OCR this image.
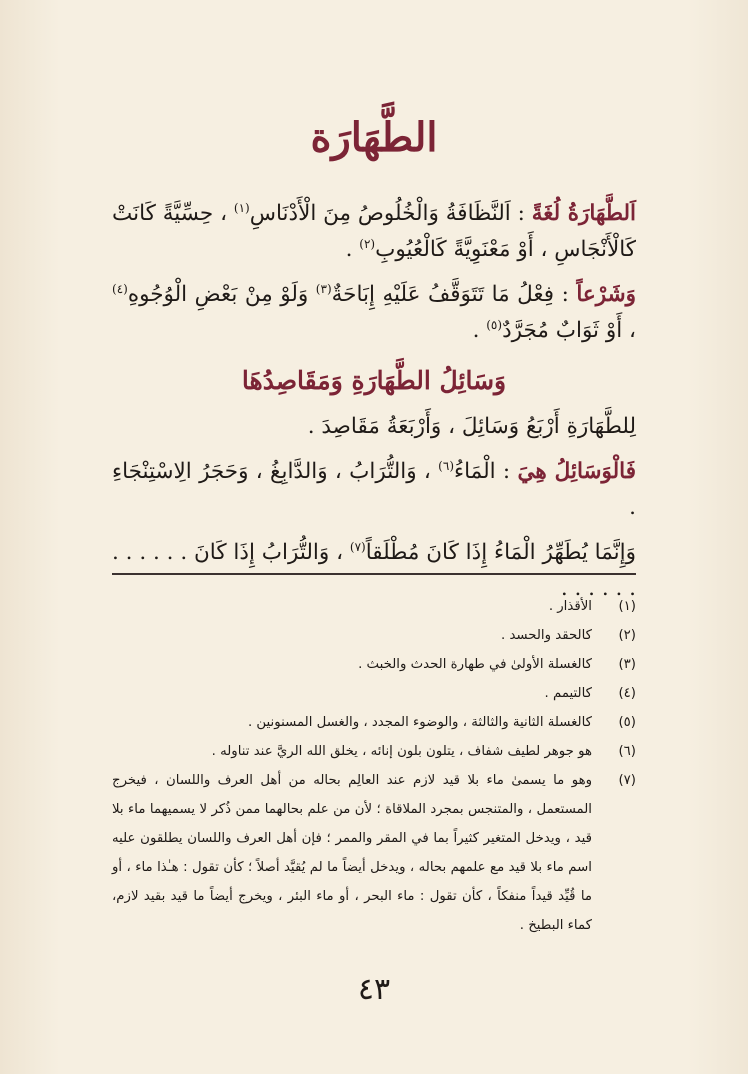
الطَّهَارَة

اَلطَّهَارَةُ لُغَةً : اَلنَّظَافَةُ وَالْخُلُوصُ مِنَ الْأَدْنَاسِ$^{(١)}$ ، حِسِّيَّةً كَانَتْ كَالْأَنْجَاسِ ، أَوْ مَعْنَوِيَّةً كَالْعُيُوبِ$^{(٢)}$ .

وَشَرْعاً : فِعْلُ مَا تَتَوَقَّفُ عَلَيْهِ إِبَاحَةٌ$^{(٣)}$ وَلَوْ مِنْ بَعْضِ الْوُجُوهِ$^{(٤)}$ ، أَوْ ثَوَابٌ مُجَرَّدٌ$^{(٥)}$ .

وَسَائِلُ الطَّهَارَةِ وَمَقَاصِدُهَا

لِلطَّهَارَةِ أَرْبَعُ وَسَائِلَ ، وَأَرْبَعَةُ مَقَاصِدَ .

فَالْوَسَائِلُ هِيَ : الْمَاءُ$^{(٦)}$ ، وَالتُّرَابُ ، وَالدَّابِغُ ، وَحَجَرُ الِاسْتِنْجَاءِ .

وَإِنَّمَا يُطَهِّرُ الْمَاءُ إِذَا كَانَ مُطْلَقاً$^{(٧)}$ ، وَالتُّرَابُ إِذَا كَانَ . . . . . . . . . . . .

(١)
الأقذار .
(٢)
كالحقد والحسد .
(٣)
كالغسلة الأولىٰ في طهارة الحدث والخبث .
(٤)
كالتيمم .
(٥)
كالغسلة الثانية والثالثة ، والوضوء المجدد ، والغسل المسنونين .
(٦)
هو جوهر لطيف شفاف ، يتلون بلون إنائه ، يخلق الله الريَّ عند تناوله .
(٧)
وهو ما يسمىٰ ماء بلا قيد لازم عند العالِم بحاله من أهل العرف واللسان ، فيخرج المستعمل ، والمتنجس بمجرد الملاقاة ؛ لأن من علم بحالهما ممن ذُكر لا يسميهما ماء بلا قيد ، ويدخل المتغير كثيراً بما في المقر والممر ؛ فإن أهل العرف واللسان يطلقون عليه اسم ماء بلا قيد مع علمهم بحاله ، ويدخل أيضاً ما لم يُقيَّد أصلاً ؛ كأن تقول : هـٰذا ماء ، أو ما قُيِّد قيداً منفكاً ، كأن تقول : ماء البحر ، أو ماء البئر ، ويخرج أيضاً ما قيد بقيد لازم، كماء البطيخ .
٤٣
